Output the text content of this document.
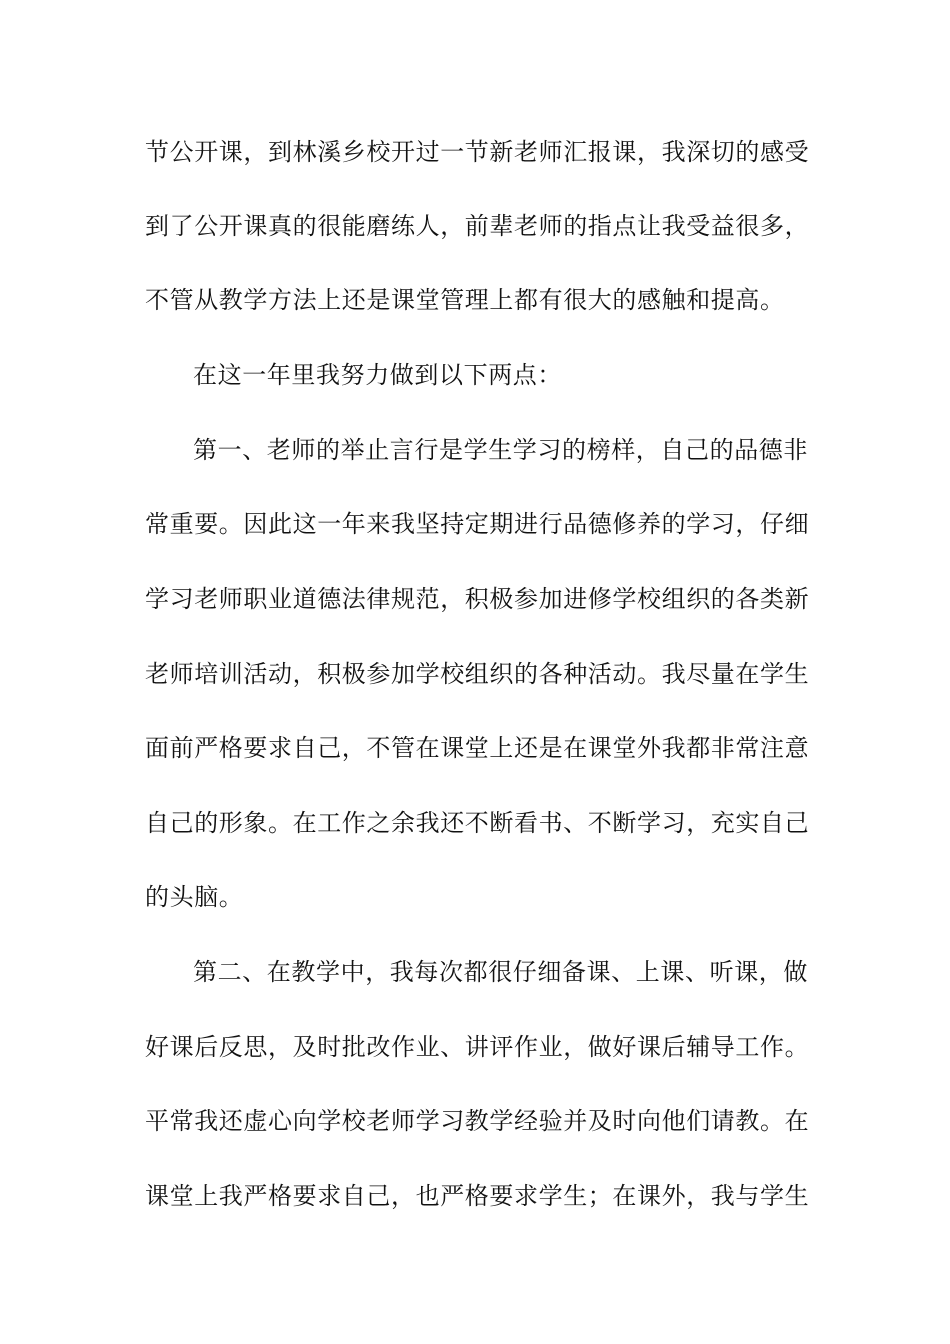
节公开课，到林溪乡校开过一节新老师汇报课，我深切的感受
到了公开课真的很能磨练人，前辈老师的指点让我受益很多，
不管从教学方法上还是课堂管理上都有很大的感触和提高。
在这一年里我努力做到以下两点：
第一、老师的举止言行是学生学习的榜样，自己的品德非
常重要。因此这一年来我坚持定期进行品德修养的学习，仔细
学习老师职业道德法律规范，积极参加进修学校组织的各类新
老师培训活动，积极参加学校组织的各种活动。我尽量在学生
面前严格要求自己，不管在课堂上还是在课堂外我都非常注意
自己的形象。在工作之余我还不断看书、不断学习，充实自己
的头脑。
第二、在教学中，我每次都很仔细备课、上课、听课，做
好课后反思，及时批改作业、讲评作业，做好课后辅导工作。
平常我还虚心向学校老师学习教学经验并及时向他们请教。在
课堂上我严格要求自己，也严格要求学生；在课外，我与学生
